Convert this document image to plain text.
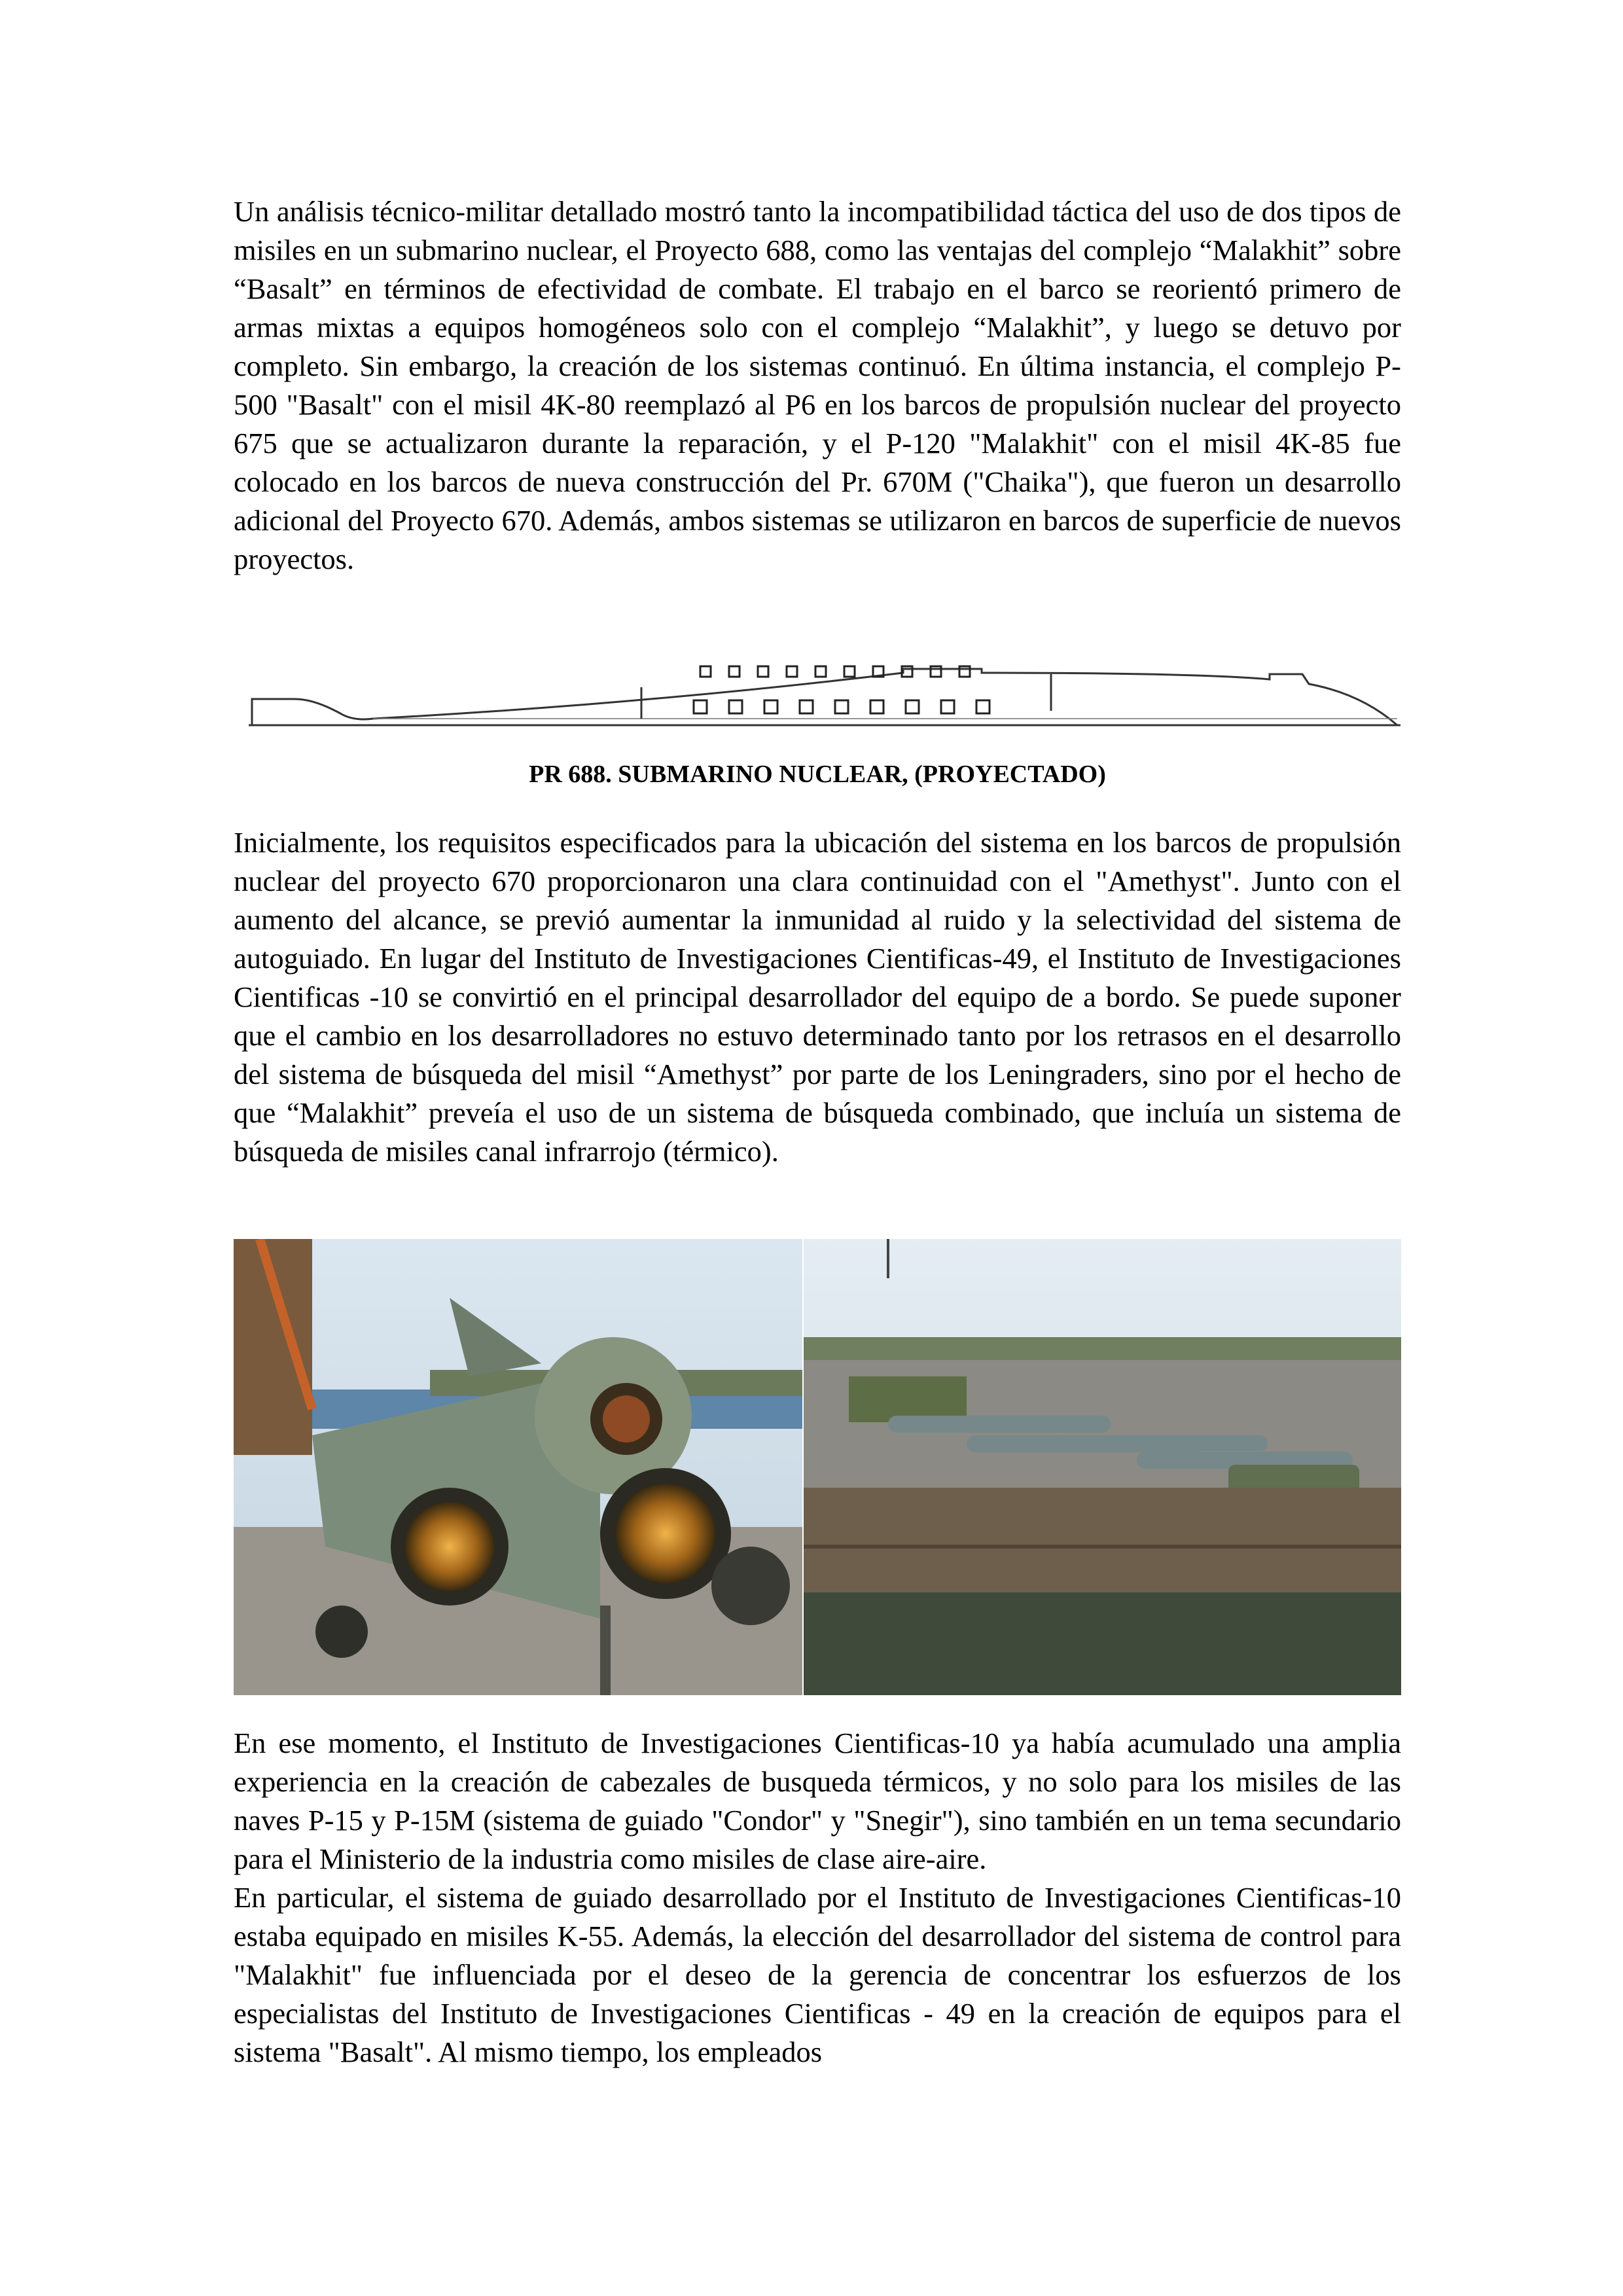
Un análisis técnico-militar detallado mostró tanto la incompatibilidad táctica del uso de dos tipos de misiles en un submarino nuclear, el Proyecto 688, como las ventajas del complejo “Malakhit” sobre “Basalt” en términos de efectividad de combate. El trabajo en el barco se reorientó primero de armas mixtas a equipos homogéneos solo con el complejo “Malakhit”, y luego se detuvo por completo. Sin embargo, la creación de los sistemas continuó. En última instancia, el complejo P-500 "Basalt" con el misil 4K-80 reemplazó al P6 en los barcos de propulsión nuclear del proyecto 675 que se actualizaron durante la reparación, y el P-120 "Malakhit" con el misil 4K-85 fue colocado en los barcos de nueva construcción del Pr. 670M ("Chaika"), que fueron un desarrollo adicional del Proyecto 670. Además, ambos sistemas se utilizaron en barcos de superficie de nuevos proyectos.

PR 688. SUBMARINO NUCLEAR, (PROYECTADO)

Inicialmente, los requisitos especificados para la ubicación del sistema en los barcos de propulsión nuclear del proyecto 670 proporcionaron una clara continuidad con el "Amethyst". Junto con el aumento del alcance, se previó aumentar la inmunidad al ruido y la selectividad del sistema de autoguiado. En lugar del Instituto de Investigaciones Cientificas-49, el Instituto de Investigaciones Cientificas -10 se convirtió en el principal desarrollador del equipo de a bordo. Se puede suponer que el cambio en los desarrolladores no estuvo determinado tanto por los retrasos en el desarrollo del sistema de búsqueda del misil “Amethyst” por parte de los Leningraders, sino por el hecho de que “Malakhit” preveía el uso de un sistema de búsqueda combinado, que incluía un sistema de búsqueda de misiles canal infrarrojo (térmico).

En ese momento, el Instituto de Investigaciones Cientificas-10 ya había acumulado una amplia experiencia en la creación de cabezales de busqueda térmicos, y no solo para los misiles de las naves P-15 y P-15M (sistema de guiado "Condor" y "Snegir"), sino también en un tema secundario para el Ministerio de la industria como misiles de clase aire-aire.

En particular, el sistema de guiado desarrollado por el Instituto de Investigaciones Cientificas-10 estaba equipado en misiles K-55. Además, la elección del desarrollador del sistema de control para "Malakhit" fue influenciada por el deseo de la gerencia de concentrar los esfuerzos de los especialistas del Instituto de Investigaciones Cientificas - 49 en la creación de equipos para el sistema "Basalt". Al mismo tiempo, los empleados
